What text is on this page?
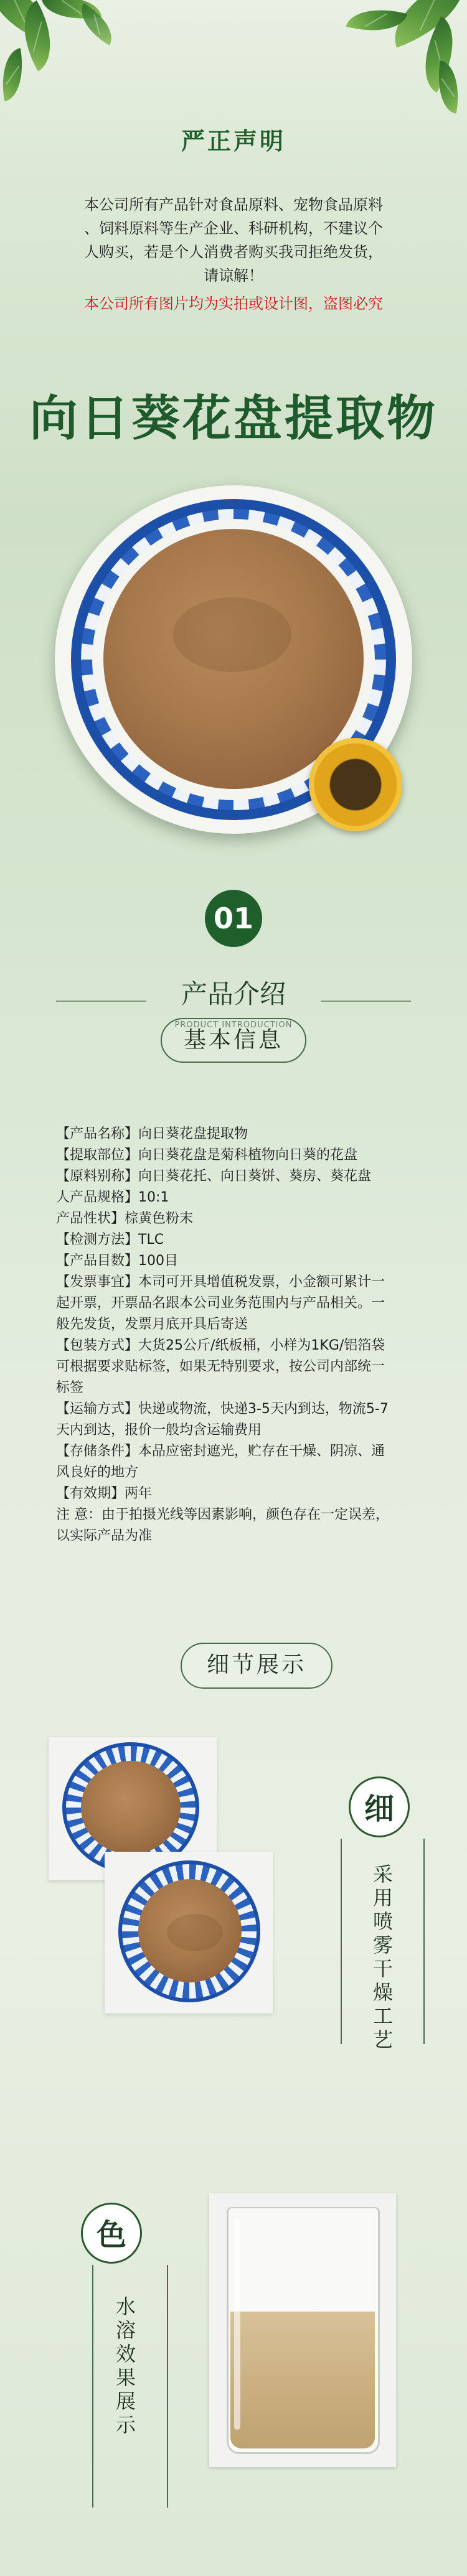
严正声明
本公司所有产品针对食品原料、宠物食品原料
、饲料原料等生产企业、科研机构，不建议个
人购买，若是个人消费者购买我司拒绝发货，
请谅解！
本公司所有图片均为实拍或设计图，盗图必究
向日葵花盘提取物
01
产品介绍
PRODUCT INTRODUCTION
基本信息

【产品名称】向日葵花盘提取物

【提取部位】向日葵花盘是菊科植物向日葵的花盘

【原料别称】向日葵花托、向日葵饼、葵房、葵花盘

人产品规格】10:1

产品性状】棕黄色粉末

【检测方法】TLC

【产品目数】100目

【发票事宜】本司可开具增值税发票，小金额可累计一

起开票，开票品名跟本公司业务范围内与产品相关。一

般先发货，发票月底开具后寄送

【包装方式】大货25公斤/纸板桶，小样为1KG/铝箔袋

可根据要求贴标签，如果无特别要求，按公司内部统一

标签

【运输方式】快递或物流，快递3-5天内到达，物流5-7

天内到达，报价一般均含运输费用

【存储条件】本品应密封遮光，贮存在干燥、阴凉、通

风良好的地方

【有效期】两年

注 意：由于拍摄光线等因素影响，颜色存在一定误差，

以实际产品为准

细节展示
细
采用喷雾干燥工艺
色
水溶效果展示
